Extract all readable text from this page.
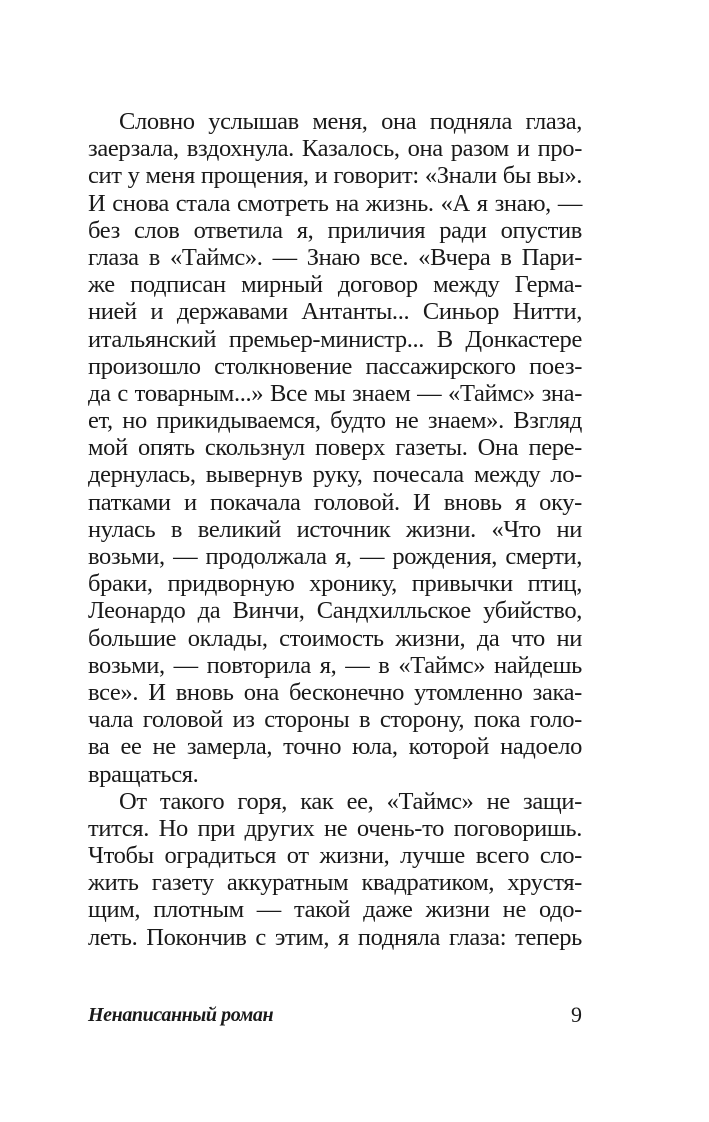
Словно услышав меня, она подняла глаза,
заерзала, вздохнула. Казалось, она разом и про-
сит у меня прощения, и говорит: «Знали бы вы».
И снова стала смотреть на жизнь. «А я знаю, —
без слов ответила я, приличия ради опустив
глаза в «Таймс». — Знаю все. «Вчера в Пари-
же подписан мирный договор между Герма-
нией и державами Антанты... Синьор Нитти,
итальянский премьер-министр... В Донкастере
произошло столкновение пассажирского поез-
да с товарным...» Все мы знаем — «Таймс» зна-
ет, но прикидываемся, будто не знаем». Взгляд
мой опять скользнул поверх газеты. Она пере-
дернулась, вывернув руку, почесала между ло-
патками и покачала головой. И вновь я оку-
нулась в великий источник жизни. «Что ни
возьми, — продолжала я, — рождения, смерти,
браки, придворную хронику, привычки птиц,
Леонардо да Винчи, Сандхилльское убийство,
большие оклады, стоимость жизни, да что ни
возьми, — повторила я, — в «Таймс» найдешь
все». И вновь она бесконечно утомленно зака-
чала головой из стороны в сторону, пока голо-
ва ее не замерла, точно юла, которой надоело
вращаться.
От такого горя, как ее, «Таймс» не защи-
тится. Но при других не очень-то поговоришь.
Чтобы оградиться от жизни, лучше всего сло-
жить газету аккуратным квадратиком, хрустя-
щим, плотным — такой даже жизни не одо-
леть. Покончив с этим, я подняла глаза: теперь
Ненаписанный роман	9
